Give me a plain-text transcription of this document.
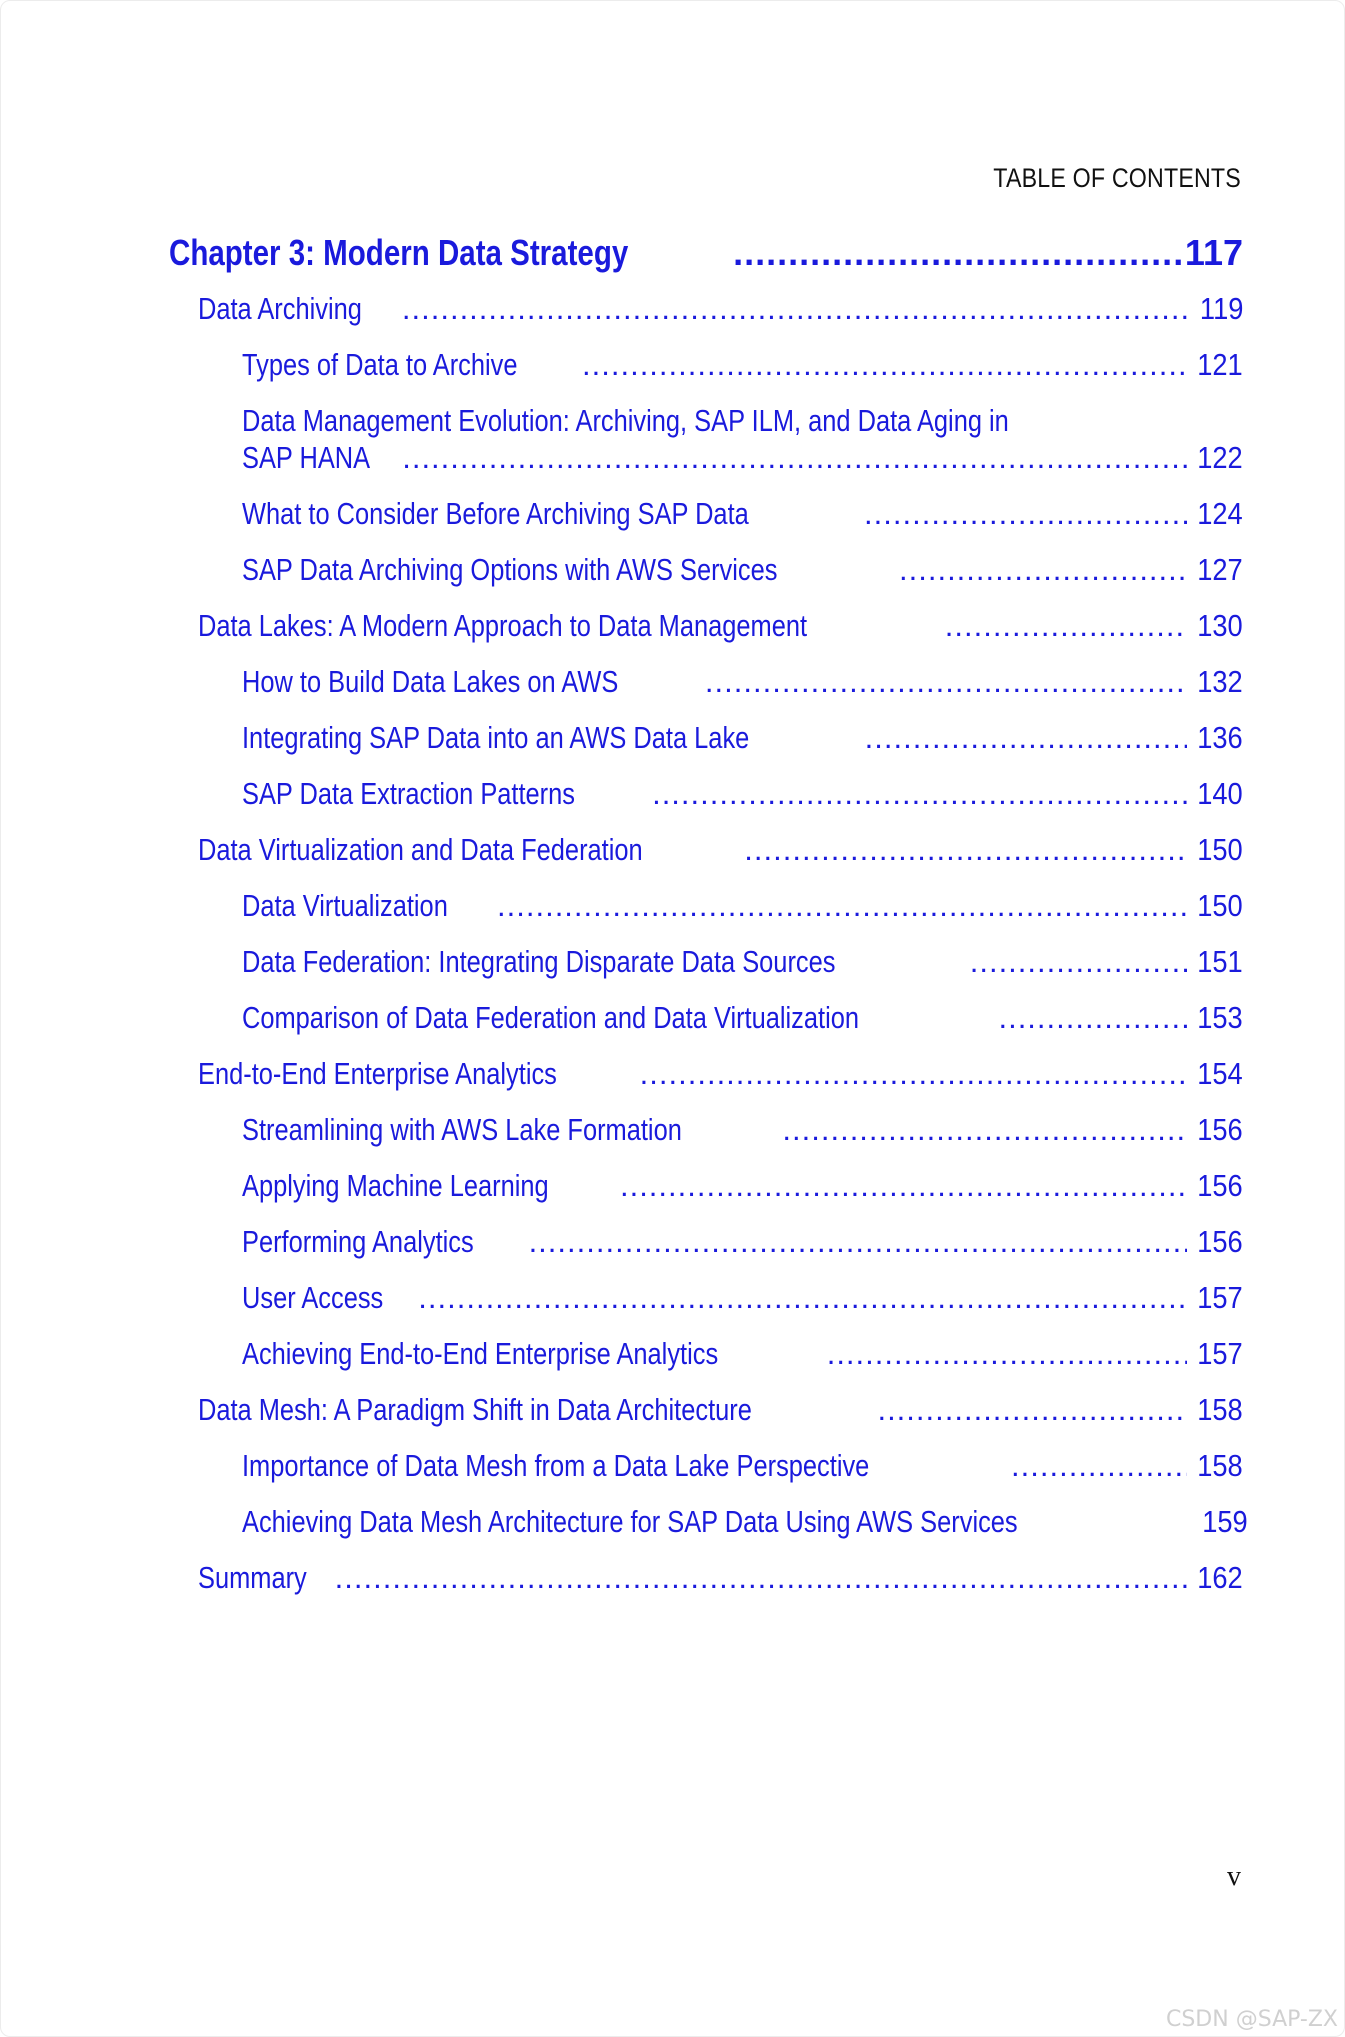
TABLE OF CONTENTS
Chapter 3: Modern Data Strategy .....	117
Data Archiving .....	119
Types of Data to Archive .....	121
Data Management Evolution: Archiving, SAP ILM, and Data Aging in
SAP HANA .....	122
What to Consider Before Archiving SAP Data .....	124
SAP Data Archiving Options with AWS Services .....	127
Data Lakes: A Modern Approach to Data Management .....	130
How to Build Data Lakes on AWS .....	132
Integrating SAP Data into an AWS Data Lake .....	136
SAP Data Extraction Patterns .....	140
Data Virtualization and Data Federation .....	150
Data Virtualization .....	150
Data Federation: Integrating Disparate Data Sources .....	151
Comparison of Data Federation and Data Virtualization .....	153
End-to-End Enterprise Analytics .....	154
Streamlining with AWS Lake Formation .....	156
Applying Machine Learning .....	156
Performing Analytics .....	156
User Access .....	157
Achieving End-to-End Enterprise Analytics .....	157
Data Mesh: A Paradigm Shift in Data Architecture .....	158
Importance of Data Mesh from a Data Lake Perspective .....	158
Achieving Data Mesh Architecture for SAP Data Using AWS Services	159
Summary .....	162
v
CSDN @SAP-ZX
